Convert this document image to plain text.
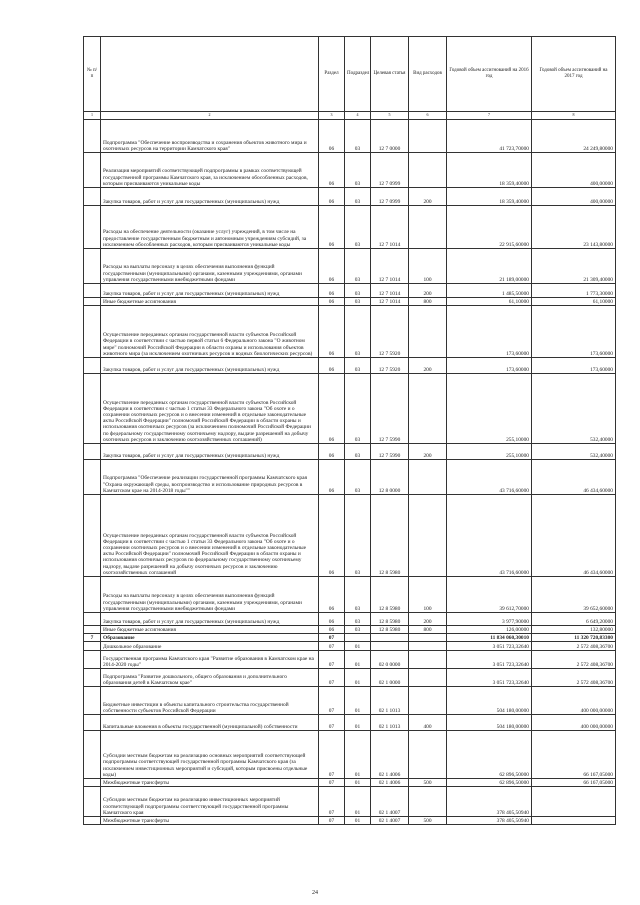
№ п/п		Раздел	Подраздел	Целевая статья	Вид расходов	Годовой объем ассигнований на 2016 год	Годовой объем ассигнований на 2017 год
1	2	3	4	5	6	7	8
	Подпрограмма "Обеспечение воспроизводства и сохранения объектов животного мира и охотничьих ресурсов на территории Камчатского края"	06	03	12 7 0000		41 723,70000	24 249,80000
	Реализация мероприятий соответствующей подпрограммы в рамках соответствующей государственной программы Камчатского края, за исключением обособленных расходов, которым присваиваются уникальные коды	06	03	12 7 0999		18 359,40000	400,00000
	Закупка товаров, работ и услуг для государственных (муниципальных) нужд	06	03	12 7 0999	200	18 359,40000	400,00000
	Расходы на обеспечение деятельности (оказание услуг) учреждений, в том числе на предоставление государственным бюджетным и автономным учреждениям субсидий, за исключением обособленных расходов, которым присваиваются уникальные коды	06	03	12 7 1014		22 915,60000	23 143,80000
	Расходы на выплаты персоналу в целях обеспечения выполнения функций государственными (муниципальными) органами, казенными учреждениями, органами управления государственными внебюджетными фондами	06	03	12 7 1014	100	21 189,00000	21 309,40000
	Закупка товаров, работ и услуг для государственных (муниципальных) нужд	06	03	12 7 1014	200	1 485,50000	1 773,30000
	Иные бюджетные ассигнования	06	03	12 7 1014	800	61,10000	61,10000
	Осуществление переданных органам государственной власти субъектов Российской Федерации в соответствии с частью первой статьи 6 Федерального закона "О животном мире" полномочий Российской Федерации в области охраны и использования объектов животного мира (за исключением охотничьих ресурсов и водных биологических ресурсов)	06	03	12 7 5920		173,60000	173,60000
	Закупка товаров, работ и услуг для государственных (муниципальных) нужд	06	03	12 7 5920	200	173,60000	173,60000
	Осуществление переданных органам государственной власти субъектов Российской Федерации в соответствии с частью 1 статьи 33 Федерального закона "Об охоте и о сохранении охотничьих ресурсов и о внесении изменений в отдельные законодательные акты Российской Федерации" полномочий Российской Федерации в области охраны и использования охотничьих ресурсов (за исключением полномочий Российской Федерации по федеральному государственному охотничьему надзору, выдаче разрешений на добычу охотничьих ресурсов и заключению охотхозяйственных соглашений)	06	03	12 7 5990		255,10000	532,40000
	Закупка товаров, работ и услуг для государственных (муниципальных) нужд	06	03	12 7 5990	200	255,10000	532,40000
	Подпрограмма "Обеспечение реализации государственной программы Камчатского края "Охрана окружающей среды, воспроизводство и использование природных ресурсов в Камчатском крае на 2014-2018 годы""	06	03	12 8 0000		43 716,60000	46 434,60000
	Осуществление переданных органам государственной власти субъектов Российской Федерации в соответствии с частью 1 статьи 33 Федерального закона "Об охоте и о сохранении охотничьих ресурсов и о внесении изменений в отдельные законодательные акты Российской Федерации" полномочий Российской Федерации в области охраны и использования охотничьих ресурсов по федеральному государственному охотничьему надзору, выдаче разрешений на добычу охотничьих ресурсов и заключению охотхозяйственных соглашений	06	03	12 8 5980		43 716,60000	46 434,60000
	Расходы на выплаты персоналу в целях обеспечения выполнения функций государственными (муниципальными) органами, казенными учреждениями, органами управления государственными внебюджетными фондами	06	03	12 8 5980	100	39 612,70000	39 652,60000
	Закупка товаров, работ и услуг для государственных (муниципальных) нужд	06	03	12 8 5980	200	3 977,90000	6 649,20000
	Иные бюджетные ассигнования	06	03	12 8 5980	800	126,00000	132,80000
7	Образование	07				11 834 060,30010	11 320 720,83300
	Дошкольное образование	07	01			3 051 723,32640	2 572 408,36700
	Государственная программа Камчатского края "Развитие образования в Камчатском крае на 2014-2020 годы"	07	01	02 0 0000		3 051 723,32640	2 572 408,36700
	Подпрограмма "Развитие дошкольного, общего образования и дополнительного образования детей в Камчатском крае"	07	01	02 1 0000		3 051 723,32640	2 572 408,36700
	Бюджетные инвестиции в объекты капитального строительства государственной собственности субъектов Российской Федерации	07	01	02 1 1013		504 180,00000	400 000,00000
	Капитальные вложения в объекты государственной (муниципальной) собственности	07	01	02 1 1013	400	504 180,00000	400 000,00000
	Субсидии местным бюджетам на реализацию основных мероприятий соответствующей подпрограммы соответствующей государственной программы Камчатского края (за исключением инвестиционных мероприятий и субсидий, которым присвоены отдельные коды)	07	01	02 1 4006		62 896,50000	66 167,05000
	Межбюджетные трансферты	07	01	02 1 4006	500	62 896,50000	66 167,05000
	Субсидии местным бюджетам на реализацию инвестиционных мероприятий соответствующей подпрограммы соответствующей государственной программы Камчатского края	07	01	02 1 4007		378 405,50940	
	Межбюджетные трансферты	07	01	02 1 4007	500	378 405,50940	
24
